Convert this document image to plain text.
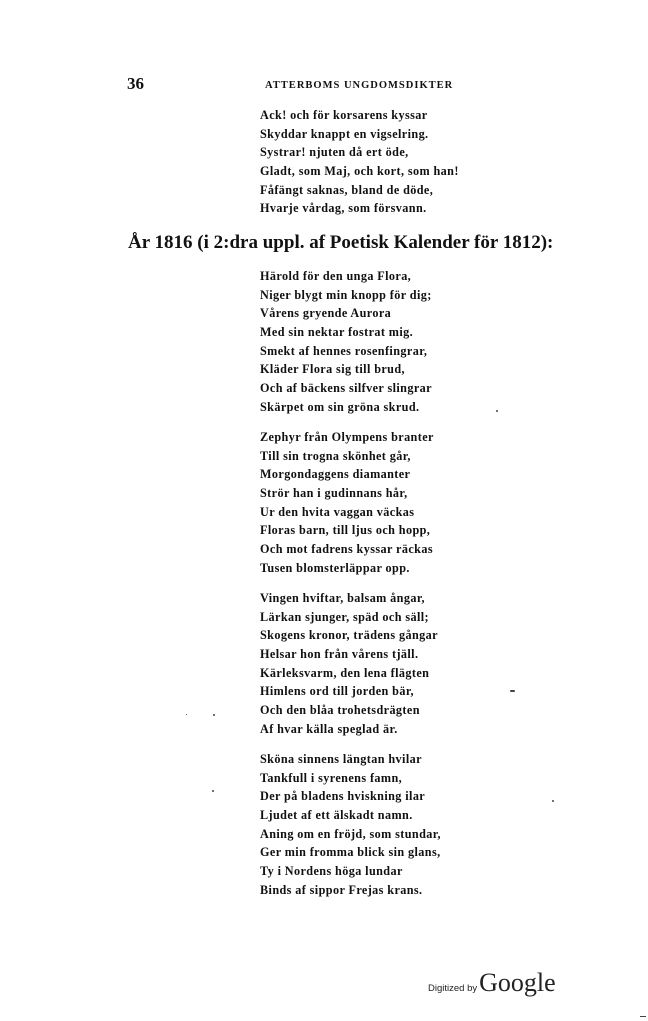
36	ATTERBOMS UNGDOMSDIKTER
Ack! och för korsarens kyssar
Skyddar knappt en vigselring.
Systrar! njuten då ert öde,
Gladt, som Maj, och kort, som han!
Fåfängt saknas, bland de döde,
Hvarje vårdag, som försvann.
År 1816 (i 2:dra uppl. af Poetisk Kalender för 1812):
Härold för den unga Flora,
Niger blygt min knopp för dig;
Vårens gryende Aurora
Med sin nektar fostrat mig.
Smekt af hennes rosenfingrar,
Kläder Flora sig till brud,
Och af bäckens silfver slingrar
Skärpet om sin gröna skrud.
Zephyr från Olympens branter
Till sin trogna skönhet går,
Morgondaggens diamanter
Strör han i gudinnans hår,
Ur den hvita vaggan väckas
Floras barn, till ljus och hopp,
Och mot fadrens kyssar räckas
Tusen blomsterläppar opp.
Vingen hviftar, balsam ångar,
Lärkan sjunger, späd och säll;
Skogens kronor, trädens gångar
Helsar hon från vårens tjäll.
Kärleksvarm, den lena flägten
Himlens ord till jorden bär,
Och den blåa trohetsdrägten
Af hvar källa speglad är.
Sköna sinnens längtan hvilar
Tankfull i syrenens famn,
Der på bladens hviskning ilar
Ljudet af ett älskadt namn.
Aning om en fröjd, som stundar,
Ger min fromma blick sin glans,
Ty i Nordens höga lundar
Binds af sippor Frejas krans.
Digitized by Google
